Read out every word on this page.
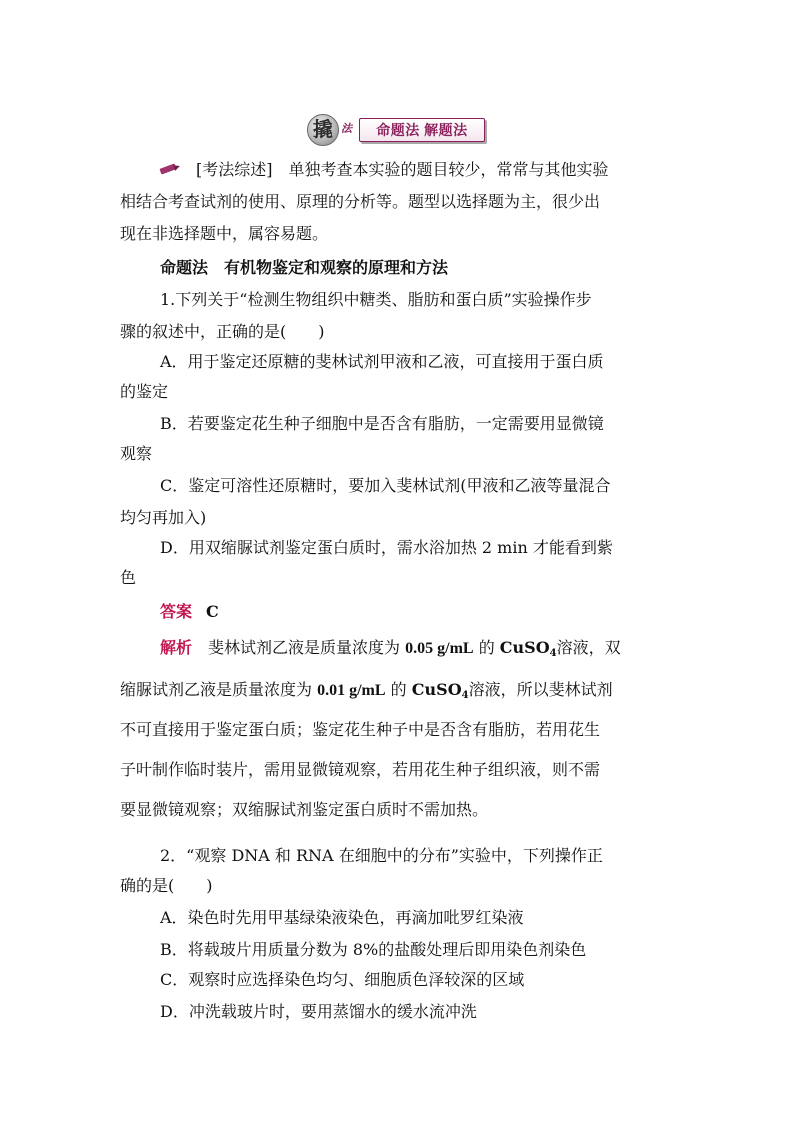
撬 法	命题法 解题法
[考法综述]　 单独考查本实验的题目较少，常常与其他实验
相结合考查试剂的使用、原理的分析等。题型以选择题为主，很少出
现在非选择题中，属容易题。
命题法　有机物鉴定和观察的原理和方法
1.下列关于“检测生物组织中糖类、脂肪和蛋白质”实验操作步
骤的叙述中，正确的是(　　)
A．用于鉴定还原糖的斐林试剂甲液和乙液，可直接用于蛋白质
的鉴定
B．若要鉴定花生种子细胞中是否含有脂肪，一定需要用显微镜
观察
C．鉴定可溶性还原糖时，要加入斐林试剂(甲液和乙液等量混合
均匀再加入)
D．用双缩脲试剂鉴定蛋白质时，需水浴加热 2 min 才能看到紫
色
答案 C
解析　 斐林试剂乙液是质量浓度为 0.05 g/mL 的 CuSO$_4$溶液，双
缩脲试剂乙液是质量浓度为 0.01 g/mL 的 CuSO$_4$溶液，所以斐林试剂
不可直接用于鉴定蛋白质；鉴定花生种子中是否含有脂肪，若用花生
子叶制作临时装片，需用显微镜观察，若用花生种子组织液，则不需
要显微镜观察；双缩脲试剂鉴定蛋白质时不需加热。
2．“观察 DNA 和 RNA 在细胞中的分布”实验中，下列操作正
确的是(　　)
A．染色时先用甲基绿染液染色，再滴加吡罗红染液
B．将载玻片用质量分数为 8%的盐酸处理后即用染色剂染色
C．观察时应选择染色均匀、细胞质色泽较深的区域
D．冲洗载玻片时，要用蒸馏水的缓水流冲洗
